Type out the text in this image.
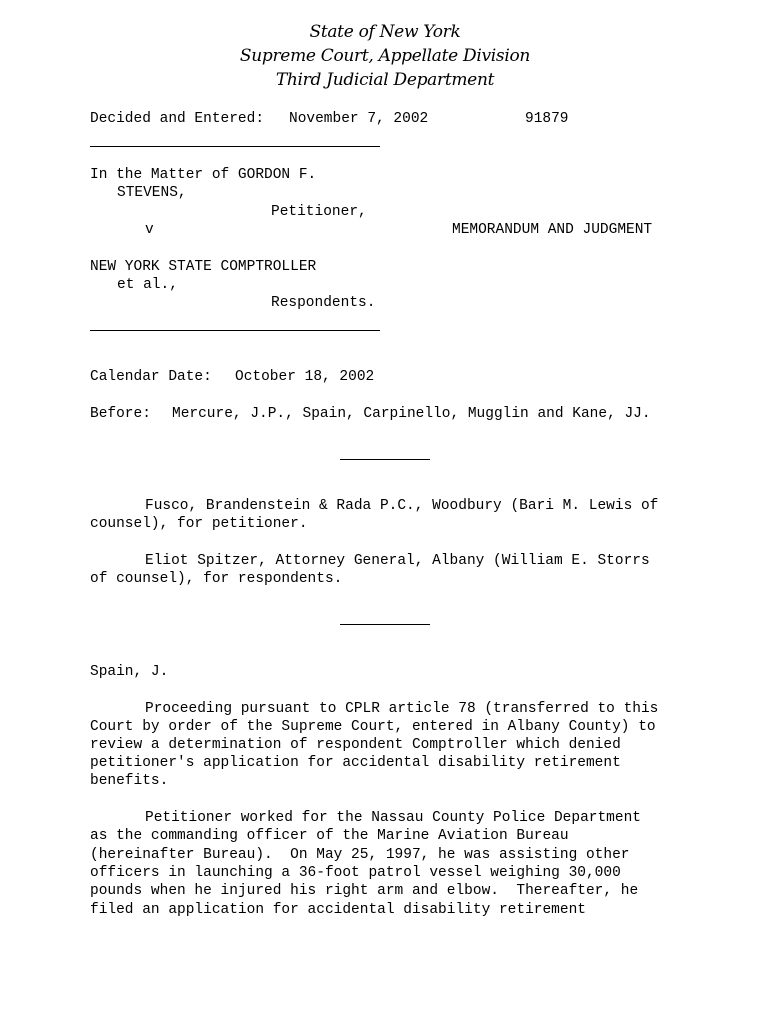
State of New York
Supreme Court, Appellate Division
Third Judicial Department
Decided and Entered: November 7, 2002	91879
In the Matter of GORDON F.
STEVENS,
Petitioner,
v	MEMORANDUM AND JUDGMENT
NEW YORK STATE COMPTROLLER
et al.,
Respondents.
Calendar Date: October 18, 2002
Before: Mercure, J.P., Spain, Carpinello, Mugglin and Kane, JJ.
Fusco, Brandenstein & Rada P.C., Woodbury (Bari M. Lewis of
counsel), for petitioner.
Eliot Spitzer, Attorney General, Albany (William E. Storrs
of counsel), for respondents.
Spain, J.
Proceeding pursuant to CPLR article 78 (transferred to this
Court by order of the Supreme Court, entered in Albany County) to
review a determination of respondent Comptroller which denied
petitioner's application for accidental disability retirement
benefits.
Petitioner worked for the Nassau County Police Department
as the commanding officer of the Marine Aviation Bureau
(hereinafter Bureau).  On May 25, 1997, he was assisting other
officers in launching a 36-foot patrol vessel weighing 30,000
pounds when he injured his right arm and elbow.  Thereafter, he
filed an application for accidental disability retirement
